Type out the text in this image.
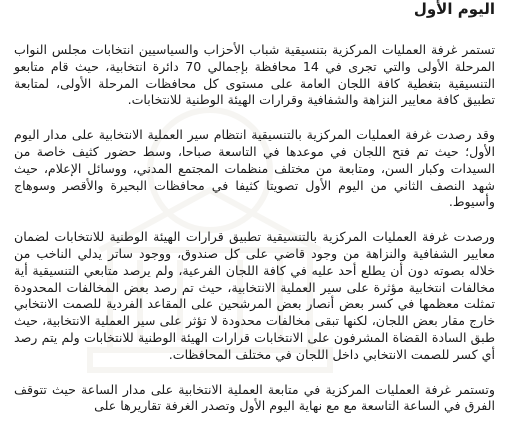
اليوم الأول

تستمر غرفة العمليات المركزية بتنسيقية شباب الأحزاب والسياسيين انتخابات مجلس النواب المرحلة الأولى والتي تجرى في 14 محافظة بإجمالي 70 دائرة انتخابية، حيث قام متابعو التنسيقية بتغطية كافة اللجان العامة على مستوى كل محافظات المرحلة الأولى، لمتابعة تطبيق كافة معايير النزاهة والشفافية وقرارات الهيئة الوطنية للانتخابات.

وقد رصدت غرفة العمليات المركزية بالتنسيقية انتظام سير العملية الانتخابية على مدار اليوم الأول؛ حيث تم فتح اللجان في موعدها في التاسعة صباحا، وسط حضور كثيف خاصة من السيدات وكبار السن، ومتابعة من مختلف منظمات المجتمع المدني، ووسائل الإعلام، حيث شهد النصف الثاني من اليوم الأول تصويتا كثيفا في محافظات البحيرة والأقصر وسوهاج وأسيوط.

ورصدت غرفة العمليات المركزية بالتنسيقية تطبيق قرارات الهيئة الوطنية للانتخابات لضمان معايير الشفافية والنزاهة من وجود قاضي على كل صندوق، ووجود ساتر يدلي الناخب من خلاله بصوته دون أن يطلع أحد عليه في كافة اللجان الفرعية، ولم يرصد متابعي التنسيقية أية مخالفات انتخابية مؤثرة على سير العملية الانتخابية، حيث تم رصد بعض المخالفات المحدودة تمثلت معظمها في كسر بعض أنصار بعض المرشحين على المقاعد الفردية للصمت الانتخابي خارج مقار بعض اللجان، لكنها تبقى مخالفات محدودة لا تؤثر على سير العملية الانتخابية، حيث طبق السادة القضاة المشرفون على الانتخابات قرارات الهيئة الوطنية للانتخابات ولم يتم رصد أي كسر للصمت الانتخابي داخل اللجان في مختلف المحافظات.

وتستمر غرفة العمليات المركزية في متابعة العملية الانتخابية على مدار الساعة حيث تتوقف الفرق في الساعة التاسعة مع مع نهاية اليوم الأول وتصدر الغرفة تقاريرها على
